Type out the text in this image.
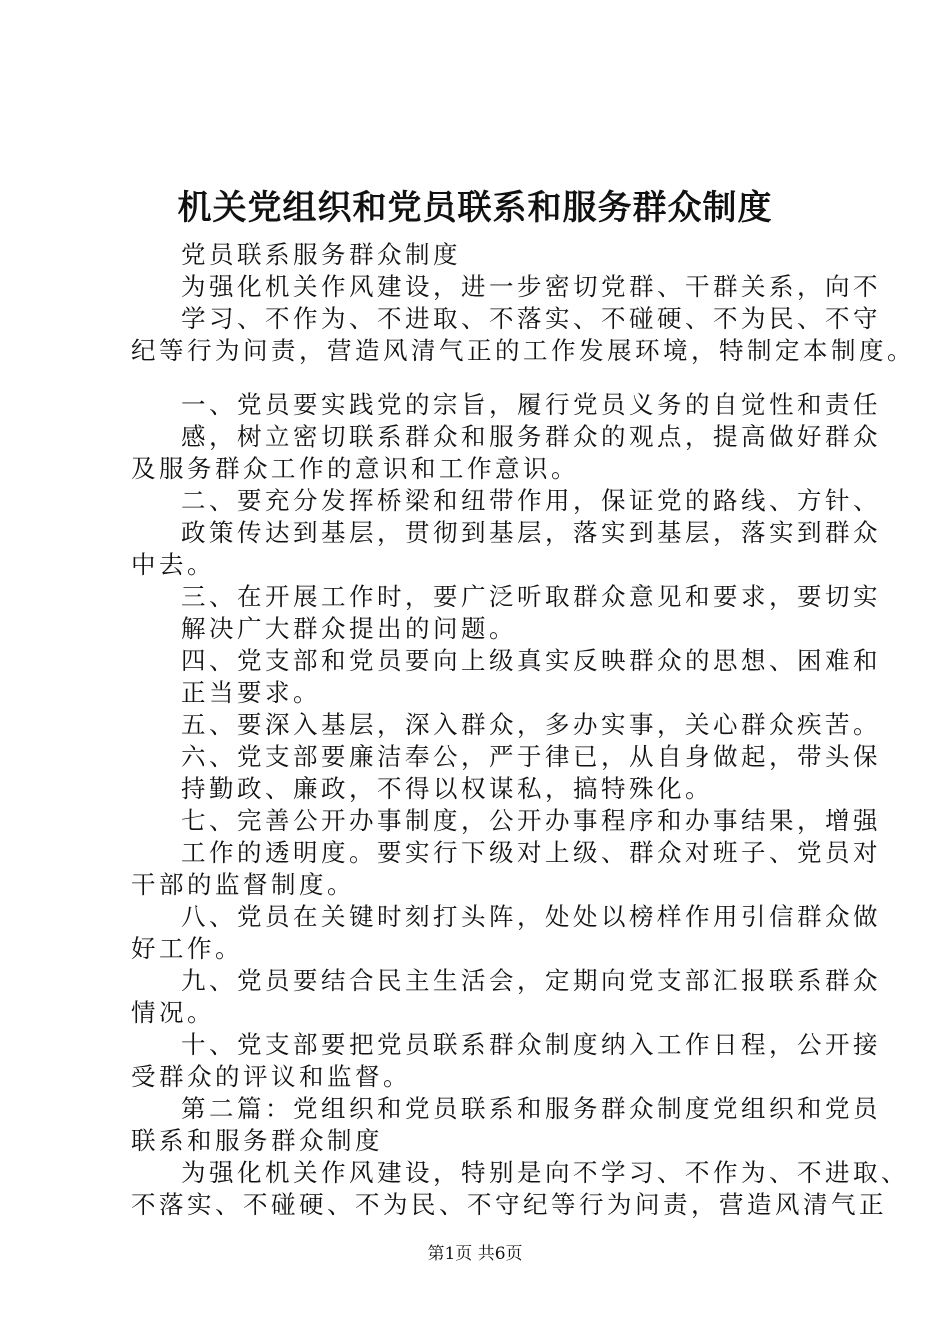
机关党组织和党员联系和服务群众制度
党员联系服务群众制度
为强化机关作风建设，进一步密切党群、干群关系，向不
学习、不作为、不进取、不落实、不碰硬、不为民、不守
纪等行为问责，营造风清气正的工作发展环境，特制定本制度。
一、党员要实践党的宗旨，履行党员义务的自觉性和责任
感，树立密切联系群众和服务群众的观点，提高做好群众
及服务群众工作的意识和工作意识。
二、要充分发挥桥梁和纽带作用，保证党的路线、方针、
政策传达到基层，贯彻到基层，落实到基层，落实到群众
中去。
三、在开展工作时，要广泛听取群众意见和要求，要切实
解决广大群众提出的问题。
四、党支部和党员要向上级真实反映群众的思想、困难和
正当要求。
五、要深入基层，深入群众，多办实事，关心群众疾苦。
六、党支部要廉洁奉公，严于律已，从自身做起，带头保
持勤政、廉政，不得以权谋私，搞特殊化。
七、完善公开办事制度，公开办事程序和办事结果，增强
工作的透明度。要实行下级对上级、群众对班子、党员对
干部的监督制度。
八、党员在关键时刻打头阵，处处以榜样作用引信群众做
好工作。
九、党员要结合民主生活会，定期向党支部汇报联系群众
情况。
十、党支部要把党员联系群众制度纳入工作日程，公开接
受群众的评议和监督。
第二篇：党组织和党员联系和服务群众制度党组织和党员
联系和服务群众制度
为强化机关作风建设，特别是向不学习、不作为、不进取、
不落实、不碰硬、不为民、不守纪等行为问责，营造风清气正
第1页 共6页
